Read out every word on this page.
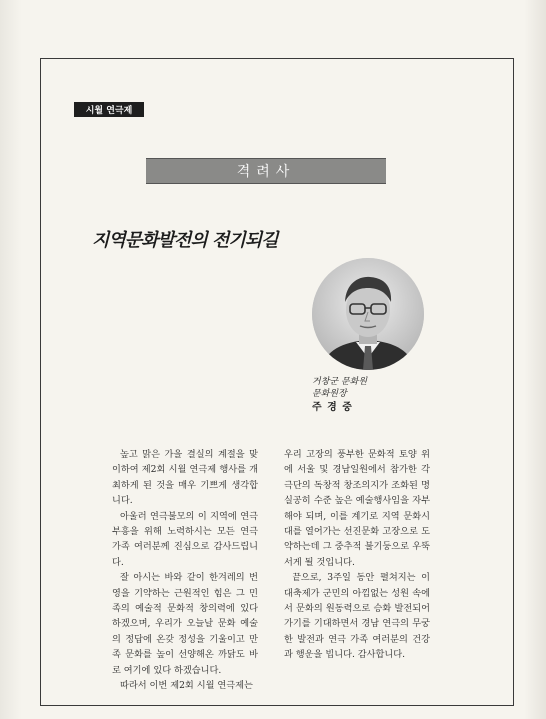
시월 연극제
격려사
지역문화발전의 전기되길
거창군 문화원
문화원장
주 경 중

높고 맑은 가을 결실의 계절을 맞이하여 제2회 시월 연극제 행사를 개최하게 된 것을 매우 기쁘게 생각합니다.

아울러 연극불모의 이 지역에 연극 부흥을 위해 노력하시는 모든 연극 가족 여러분께 진심으로 감사드립니다.

잘 아시는 바와 같이 한겨레의 번영을 기약하는 근원적인 힘은 그 민족의 예술적 문화적 창의력에 있다 하겠으며, 우리가 오늘날 문화 예술의 정답에 온갖 정성을 기울이고 만족 문화를 높이 선양해온 까닭도 바로 여기에 있다 하겠습니다.

따라서 이번 제2회 시월 연극제는

우리 고장의 풍부한 문화적 토양 위에 서울 및 경남일원에서 참가한 각 극단의 독창적 창조의지가 조화된 명실공히 수준 높은 예술행사임을 자부해야 되며, 이를 계기로 지역 문화시대를 열어가는 선진문화 고장으로 도약하는데 그 중추적 불기둥으로 우뚝서게 될 것입니다.

끝으로, 3주일 동안 펼쳐지는 이 대축제가 군민의 아낌없는 성원 속에서 문화의 원동력으로 승화 발전되어 가기를 기대하면서 경남 연극의 무궁한 발전과 연극 가족 여러분의 건강과 행운을 빕니다. 감사합니다.
